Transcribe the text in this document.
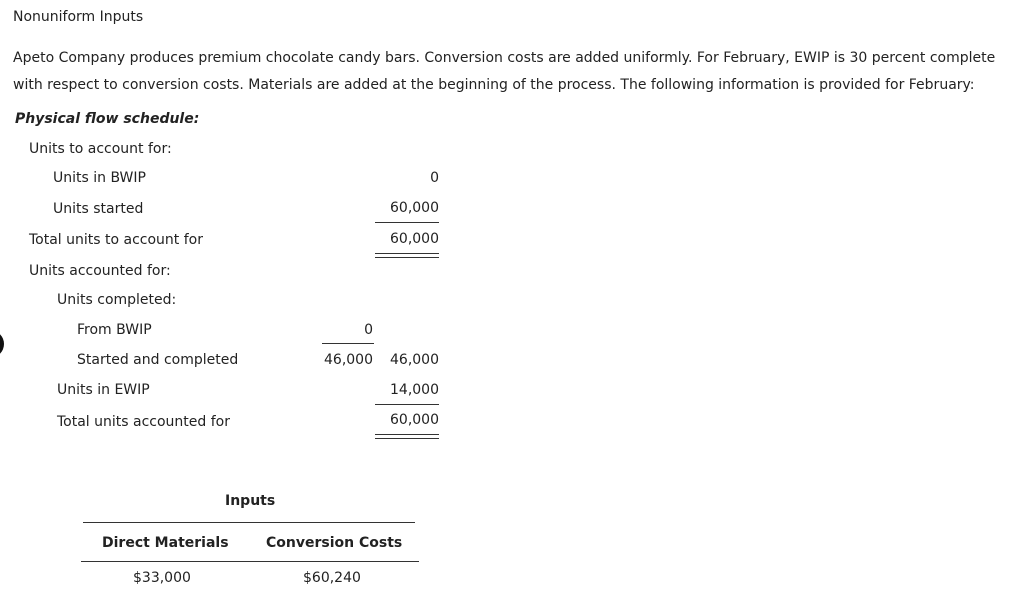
Nonuniform Inputs
Apeto Company produces premium chocolate candy bars. Conversion costs are added uniformly. For February, EWIP is 30 percent complete with respect to conversion costs. Materials are added at the beginning of the process. The following information is provided for February:
Physical flow schedule:
Units to account for:
Units in BWIP	0
Units started	60,000
Total units to account for	60,000
Units accounted for:
Units completed:
From BWIP	0
Started and completed	46,000 46,000
Units in EWIP	14,000
Total units accounted for	60,000
Inputs
Direct Materials	Conversion Costs
$33,000	$60,240
